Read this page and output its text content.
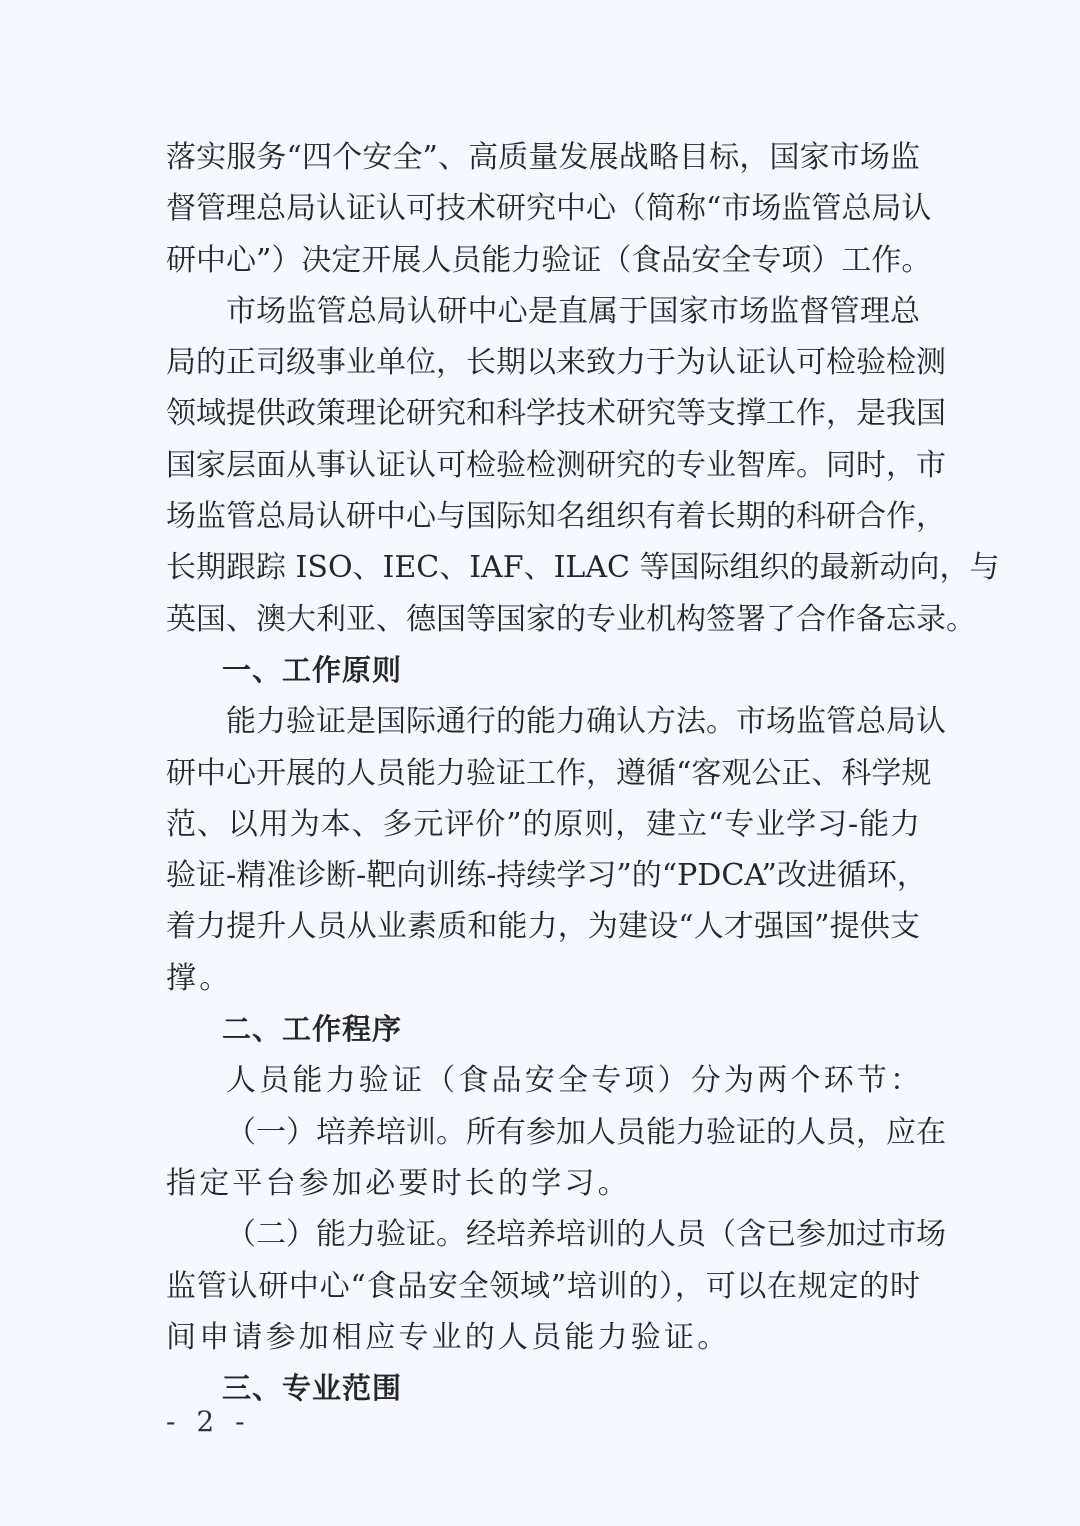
落实服务“四个安全”、高质量发展战略目标，国家市场监
督管理总局认证认可技术研究中心（简称“市场监管总局认
研中心”）决定开展人员能力验证（食品安全专项）工作。
市场监管总局认研中心是直属于国家市场监督管理总
局的正司级事业单位，长期以来致力于为认证认可检验检测
领域提供政策理论研究和科学技术研究等支撑工作，是我国
国家层面从事认证认可检验检测研究的专业智库。同时，市
场监管总局认研中心与国际知名组织有着长期的科研合作，
长期跟踪 ISO、IEC、IAF、ILAC 等国际组织的最新动向，与
英国、澳大利亚、德国等国家的专业机构签署了合作备忘录。
一、工作原则
能力验证是国际通行的能力确认方法。市场监管总局认
研中心开展的人员能力验证工作，遵循“客观公正、科学规
范、以用为本、多元评价”的原则，建立“专业学习-能力
验证-精准诊断-靶向训练-持续学习”的“PDCA”改进循环，
着力提升人员从业素质和能力，为建设“人才强国”提供支
撑。
二、工作程序
人员能力验证（食品安全专项）分为两个环节：
（一）培养培训。所有参加人员能力验证的人员，应在
指定平台参加必要时长的学习。
（二）能力验证。经培养培训的人员（含已参加过市场
监管认研中心“食品安全领域”培训的），可以在规定的时
间申请参加相应专业的人员能力验证。
三、专业范围
- 2 -
